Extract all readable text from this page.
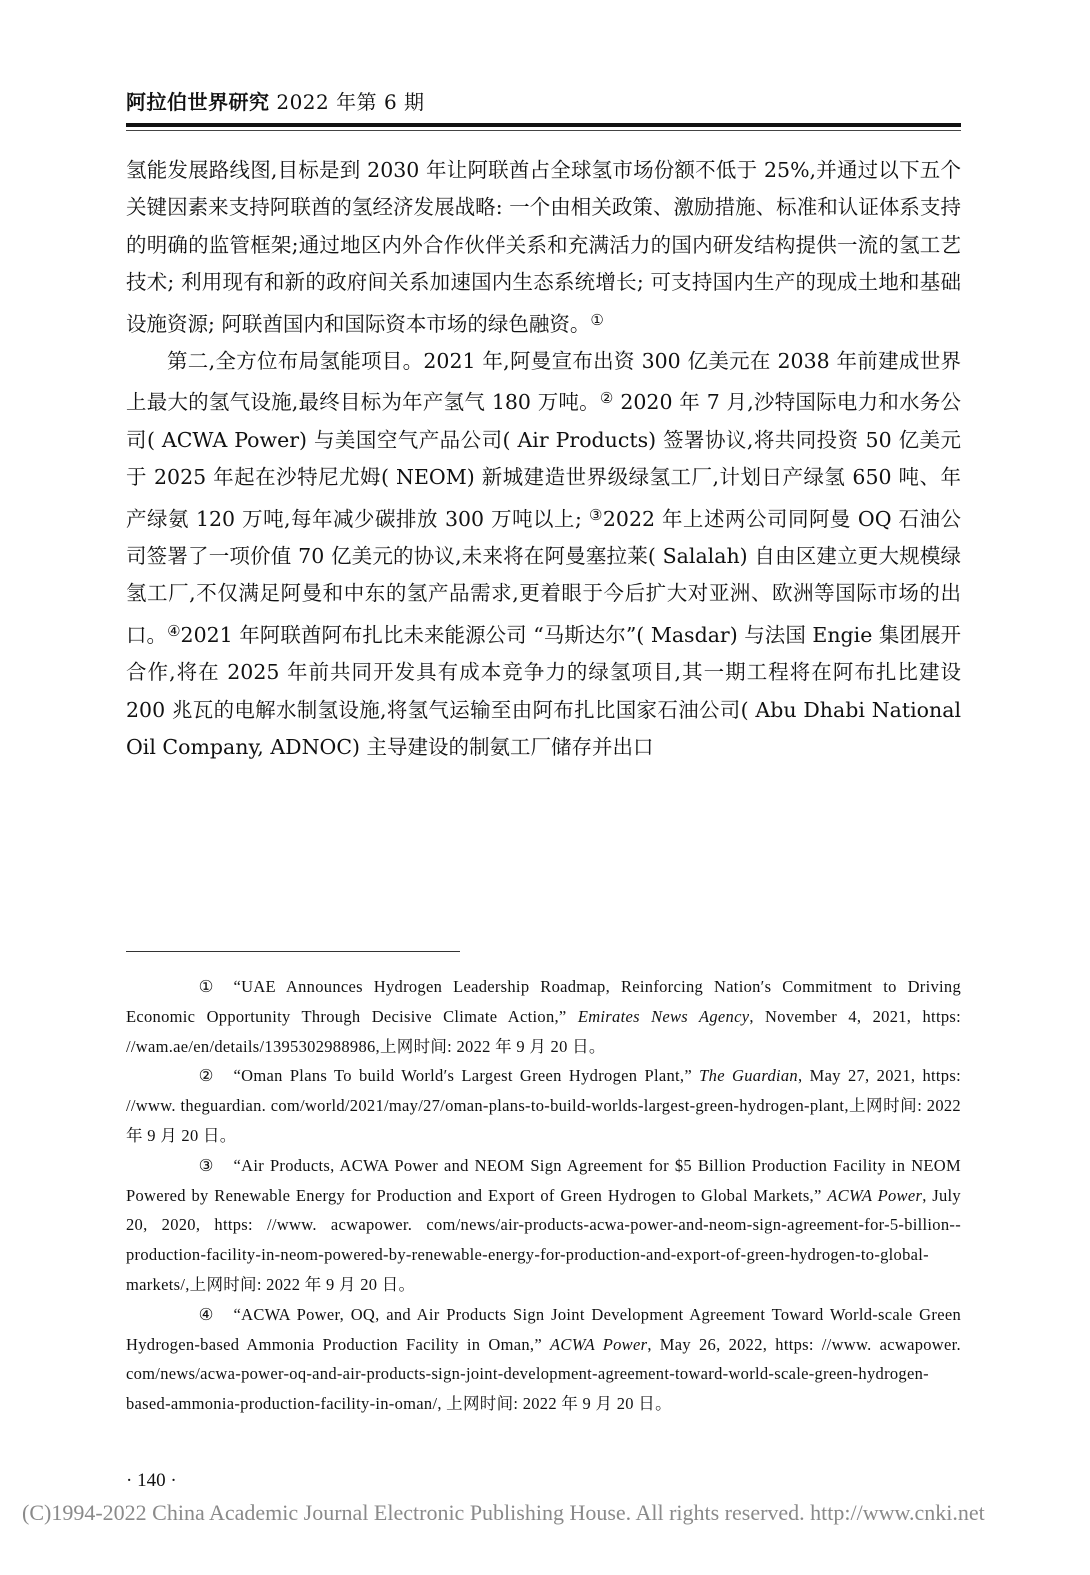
阿拉伯世界研究 2022 年第 6 期

氢能发展路线图,目标是到 2030 年让阿联酋占全球氢市场份额不低于 25%,并通过以下五个关键因素来支持阿联酋的氢经济发展战略: 一个由相关政策、激励措施、标准和认证体系支持的明确的监管框架;通过地区内外合作伙伴关系和充满活力的国内研发结构提供一流的氢工艺技术; 利用现有和新的政府间关系加速国内生态系统增长; 可支持国内生产的现成土地和基础设施资源; 阿联酋国内和国际资本市场的绿色融资。①

第二,全方位布局氢能项目。2021 年,阿曼宣布出资 300 亿美元在 2038 年前建成世界上最大的氢气设施,最终目标为年产氢气 180 万吨。② 2020 年 7 月,沙特国际电力和水务公司( ACWA Power) 与美国空气产品公司( Air Products) 签署协议,将共同投资 50 亿美元于 2025 年起在沙特尼尤姆( NEOM) 新城建造世界级绿氢工厂,计划日产绿氢 650 吨、年产绿氨 120 万吨,每年减少碳排放 300 万吨以上; ③2022 年上述两公司同阿曼 OQ 石油公司签署了一项价值 70 亿美元的协议,未来将在阿曼塞拉莱( Salalah) 自由区建立更大规模绿氢工厂,不仅满足阿曼和中东的氢产品需求,更着眼于今后扩大对亚洲、欧洲等国际市场的出口。④2021 年阿联酋阿布扎比未来能源公司 “马斯达尔”( Masdar) 与法国 Engie 集团展开合作,将在 2025 年前共同开发具有成本竞争力的绿氢项目,其一期工程将在阿布扎比建设 200 兆瓦的电解水制氢设施,将氢气运输至由阿布扎比国家石油公司( Abu Dhabi National Oil Company, ADNOC) 主导建设的制氨工厂储存并出口

① “UAE Announces Hydrogen Leadership Roadmap, Reinforcing Nation′s Commitment to Driving Economic Opportunity Through Decisive Climate Action,” Emirates News Agency, November 4, 2021, https: //wam.ae/en/details/1395302988986,上网时间: 2022 年 9 月 20 日。

② “Oman Plans To build World′s Largest Green Hydrogen Plant,” The Guardian, May 27, 2021, https: //www. theguardian. com/world/2021/may/27/oman-plans-to-build-worlds-largest-green-hydrogen-plant,上网时间: 2022 年 9 月 20 日。

③ “Air Products, ACWA Power and NEOM Sign Agreement for $5 Billion Production Facility in NEOM Powered by Renewable Energy for Production and Export of Green Hydrogen to Global Markets,” ACWA Power, July 20, 2020, https: //www. acwapower. com/news/air-products-acwa-power-and-neom-sign-agreement-for-5-billion--production-facility-in-neom-powered-by-renewable-energy-for-production-and-export-of-green-hydrogen-to-global-markets/,上网时间: 2022 年 9 月 20 日。

④ “ACWA Power, OQ, and Air Products Sign Joint Development Agreement Toward World-scale Green Hydrogen-based Ammonia Production Facility in Oman,” ACWA Power, May 26, 2022, https: //www. acwapower. com/news/acwa-power-oq-and-air-products-sign-joint-development-agreement-toward-world-scale-green-hydrogen-based-ammonia-production-facility-in-oman/, 上网时间: 2022 年 9 月 20 日。

· 140 ·
(C)1994-2022 China Academic Journal Electronic Publishing House. All rights reserved. http://www.cnki.net
